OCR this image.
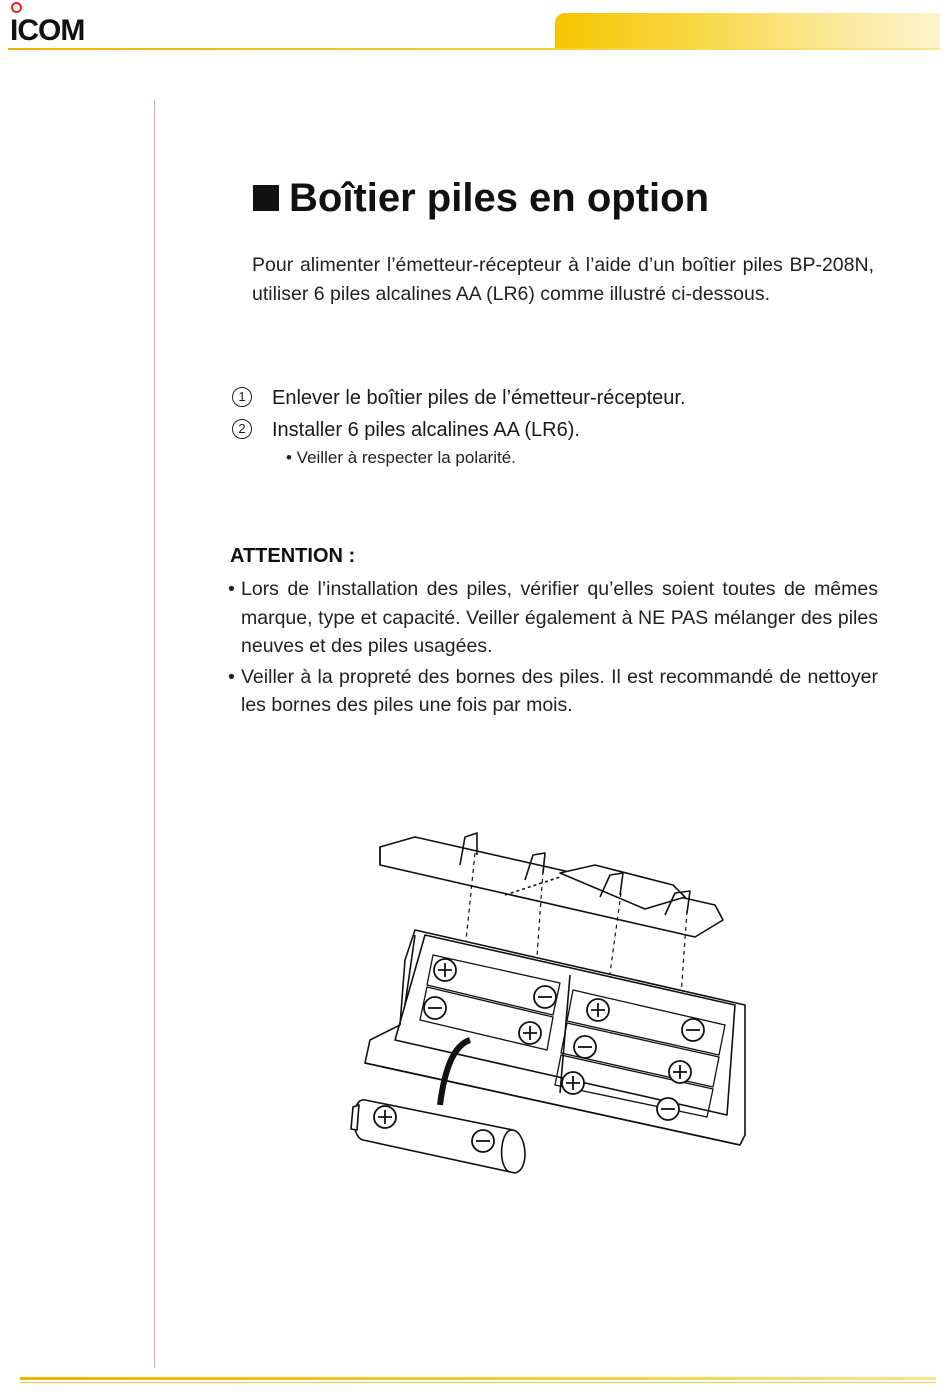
ICOM
Boîtier piles en option

Pour alimenter l’émetteur-récepteur à l’aide d’un boîtier piles BP-208N, utiliser 6 piles alcalines AA (LR6) comme illustré ci-dessous.

1	Enlever le boîtier piles de l’émetteur-récepteur.
2	Installer 6 piles alcalines AA (LR6).
• Veiller à respecter la polarité.
ATTENTION :
• Lors de l’installation des piles, vérifier qu’elles soient toutes de mêmes marque, type et capacité. Veiller également à NE PAS mélanger des piles neuves et des piles usagées.
• Veiller à la propreté des bornes des piles. Il est recommandé de nettoyer les bornes des piles une fois par mois.
